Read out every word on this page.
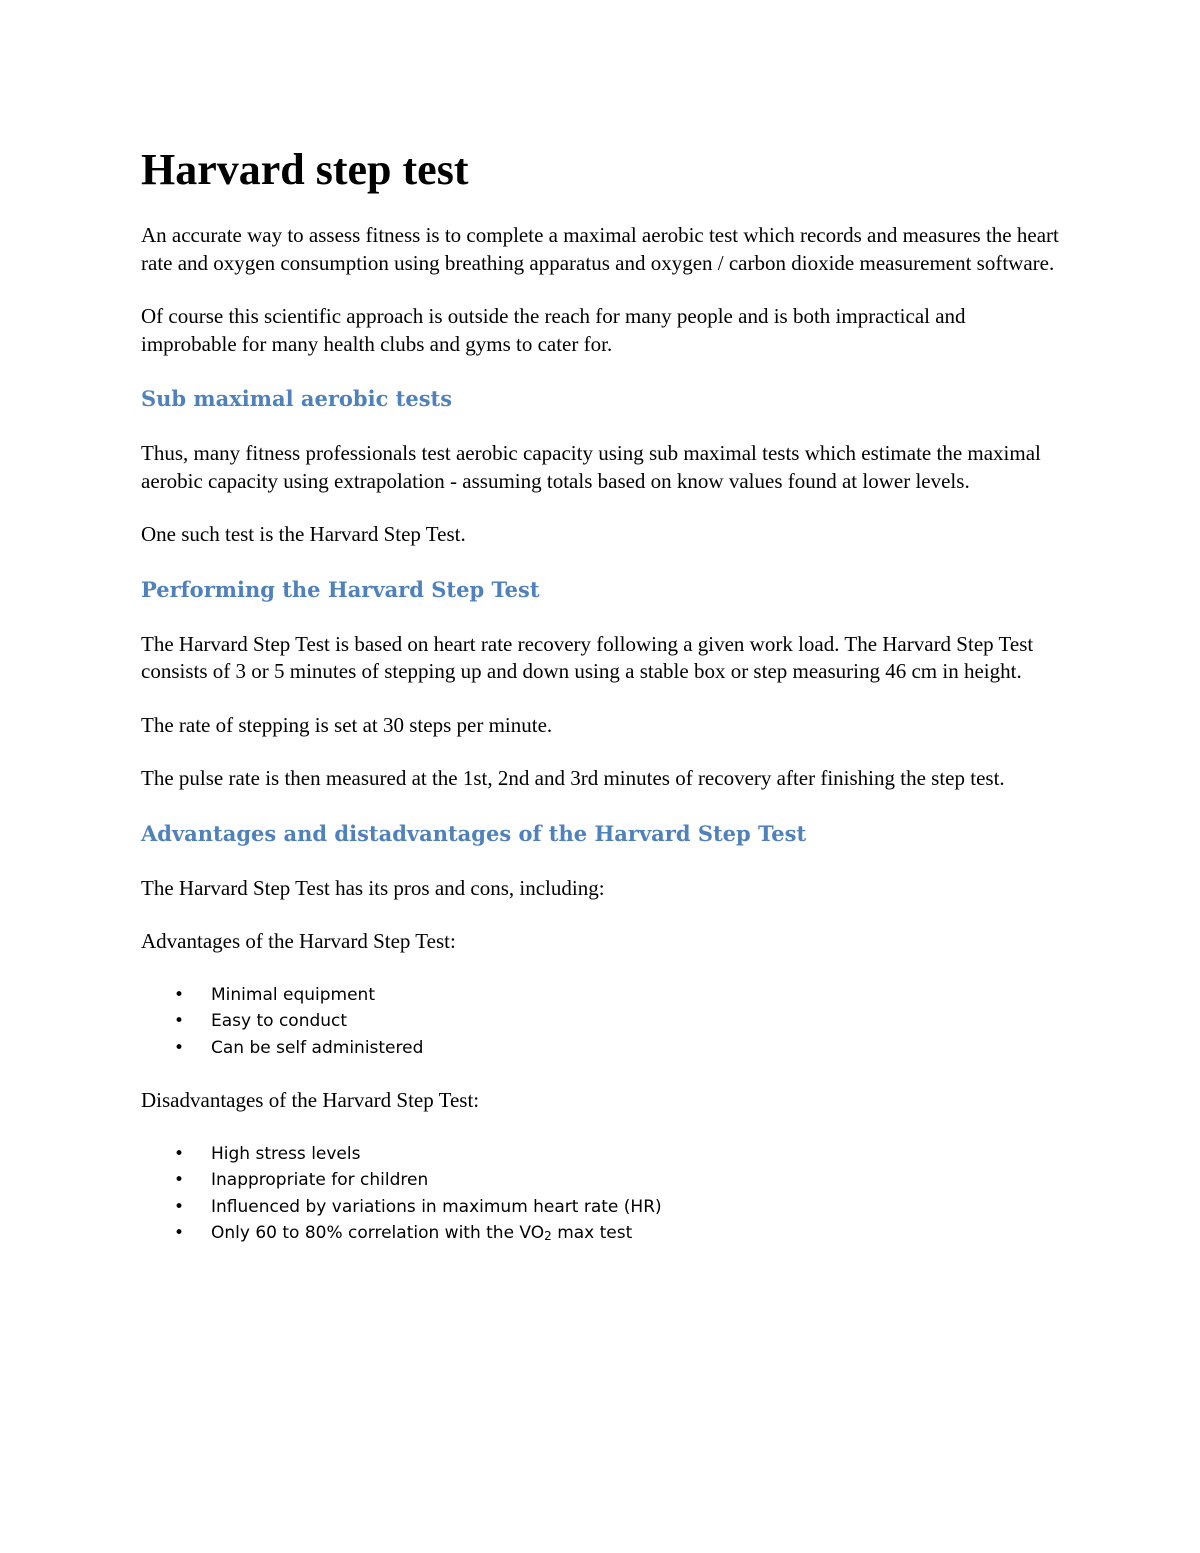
Harvard step test

An accurate way to assess fitness is to complete a maximal aerobic test which records and measures the heart rate and oxygen consumption using breathing apparatus and oxygen / carbon dioxide measurement software.

Of course this scientific approach is outside the reach for many people and is both impractical and improbable for many health clubs and gyms to cater for.

Sub maximal aerobic tests

Thus, many fitness professionals test aerobic capacity using sub maximal tests which estimate the maximal aerobic capacity using extrapolation - assuming totals based on know values found at lower levels.

One such test is the Harvard Step Test.

Performing the Harvard Step Test

The Harvard Step Test is based on heart rate recovery following a given work load. The Harvard Step Test consists of 3 or 5 minutes of stepping up and down using a stable box or step measuring 46 cm in height.

The rate of stepping is set at 30 steps per minute.

The pulse rate is then measured at the 1st, 2nd and 3rd minutes of recovery after finishing the step test.

Advantages and distadvantages of the Harvard Step Test

The Harvard Step Test has its pros and cons, including:

Advantages of the Harvard Step Test:

• Minimal equipment
• Easy to conduct
• Can be self administered

Disadvantages of the Harvard Step Test:

• High stress levels
• Inappropriate for children
• Influenced by variations in maximum heart rate (HR)
• Only 60 to 80% correlation with the $VO_2$ max test
